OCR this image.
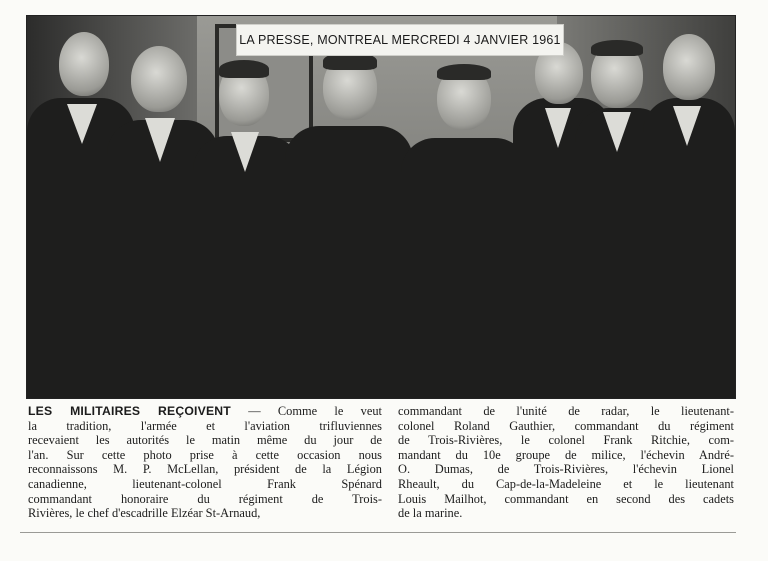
LA PRESSE, MONTREAL MERCREDI 4 JANVIER 1961
LES MILITAIRES REÇOIVENT — Comme le veut
la tradition, l'armée et l'aviation trifluviennes
recevaient les autorités le matin même du jour de
l'an. Sur cette photo prise à cette occasion nous
reconnaissons M. P. McLellan, président de la Légion
canadienne, lieutenant-colonel Frank Spénard
commandant honoraire du régiment de Trois-
Rivières, le chef d'escadrille Elzéar St-Arnaud,
commandant de l'unité de radar, le lieutenant-
colonel Roland Gauthier, commandant du régiment
de Trois-Rivières, le colonel Frank Ritchie, com-
mandant du 10e groupe de milice, l'échevin André-
O. Dumas, de Trois-Rivières, l'échevin Lionel
Rheault, du Cap-de-la-Madeleine et le lieutenant
Louis Mailhot, commandant en second des cadets
de la marine.
